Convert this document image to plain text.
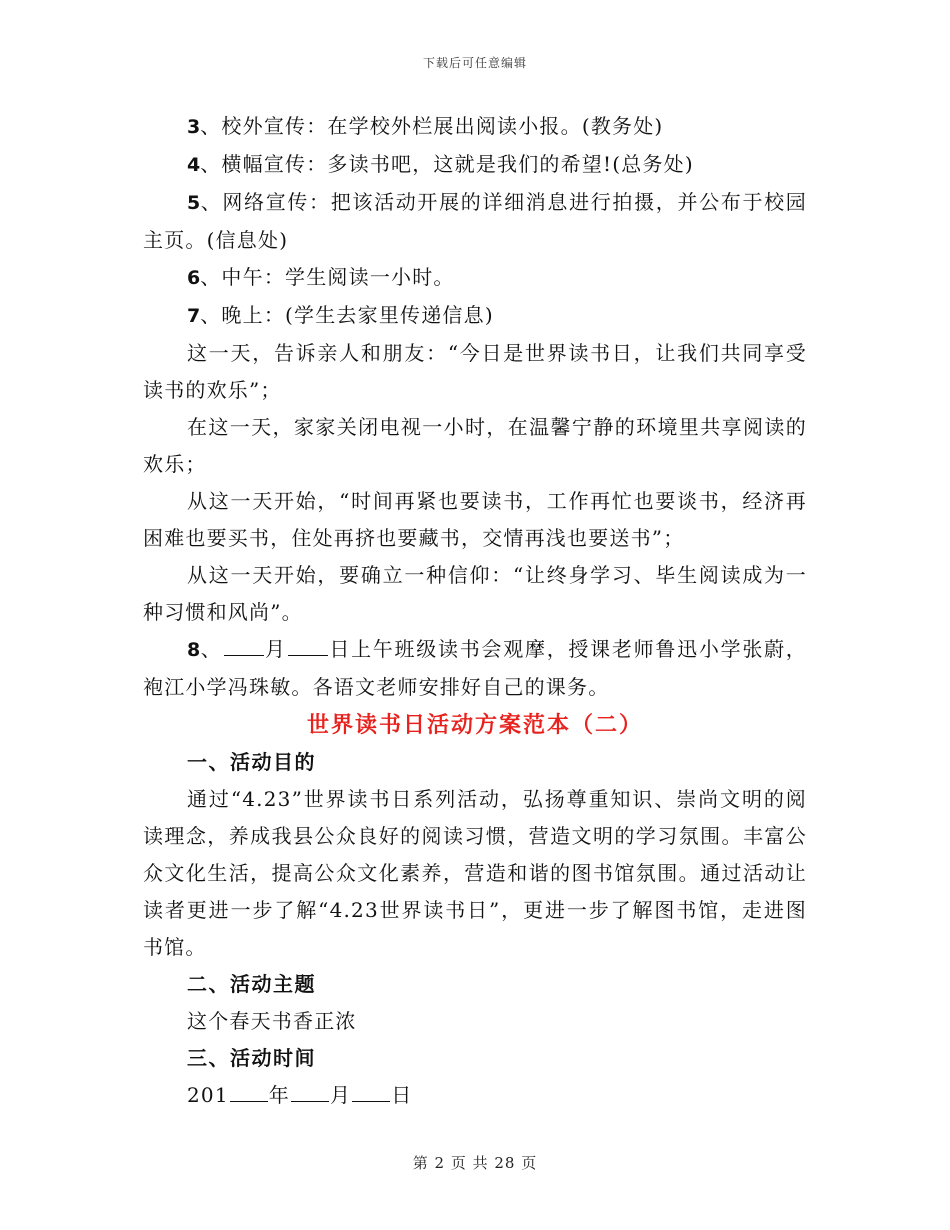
下载后可任意编辑

3、校外宣传：在学校外栏展出阅读小报。(教务处)

4、横幅宣传：多读书吧，这就是我们的希望!(总务处)

5、网络宣传：把该活动开展的详细消息进行拍摄，并公布于校园主页。(信息处)

6、中午：学生阅读一小时。

7、晚上：(学生去家里传递信息)

这一天，告诉亲人和朋友：“今日是世界读书日，让我们共同享受读书的欢乐”；

在这一天，家家关闭电视一小时，在温馨宁静的环境里共享阅读的欢乐；

从这一天开始，“时间再紧也要读书，工作再忙也要谈书，经济再困难也要买书，住处再挤也要藏书，交情再浅也要送书”；

从这一天开始，要确立一种信仰：“让终身学习、毕生阅读成为一种习惯和风尚”。

8、 月 日上午班级读书会观摩，授课老师鲁迅小学张蔚，袍江小学冯珠敏。各语文老师安排好自己的课务。

世界读书日活动方案范本（二）

一、活动目的

通过“4.23”世界读书日系列活动，弘扬尊重知识、崇尚文明的阅读理念，养成我县公众良好的阅读习惯，营造文明的学习氛围。丰富公众文化生活，提高公众文化素养，营造和谐的图书馆氛围。通过活动让读者更进一步了解“4.23世界读书日”，更进一步了解图书馆，走进图书馆。

二、活动主题

这个春天书香正浓

三、活动时间

201 年 月 日

第 2 页 共 28 页
